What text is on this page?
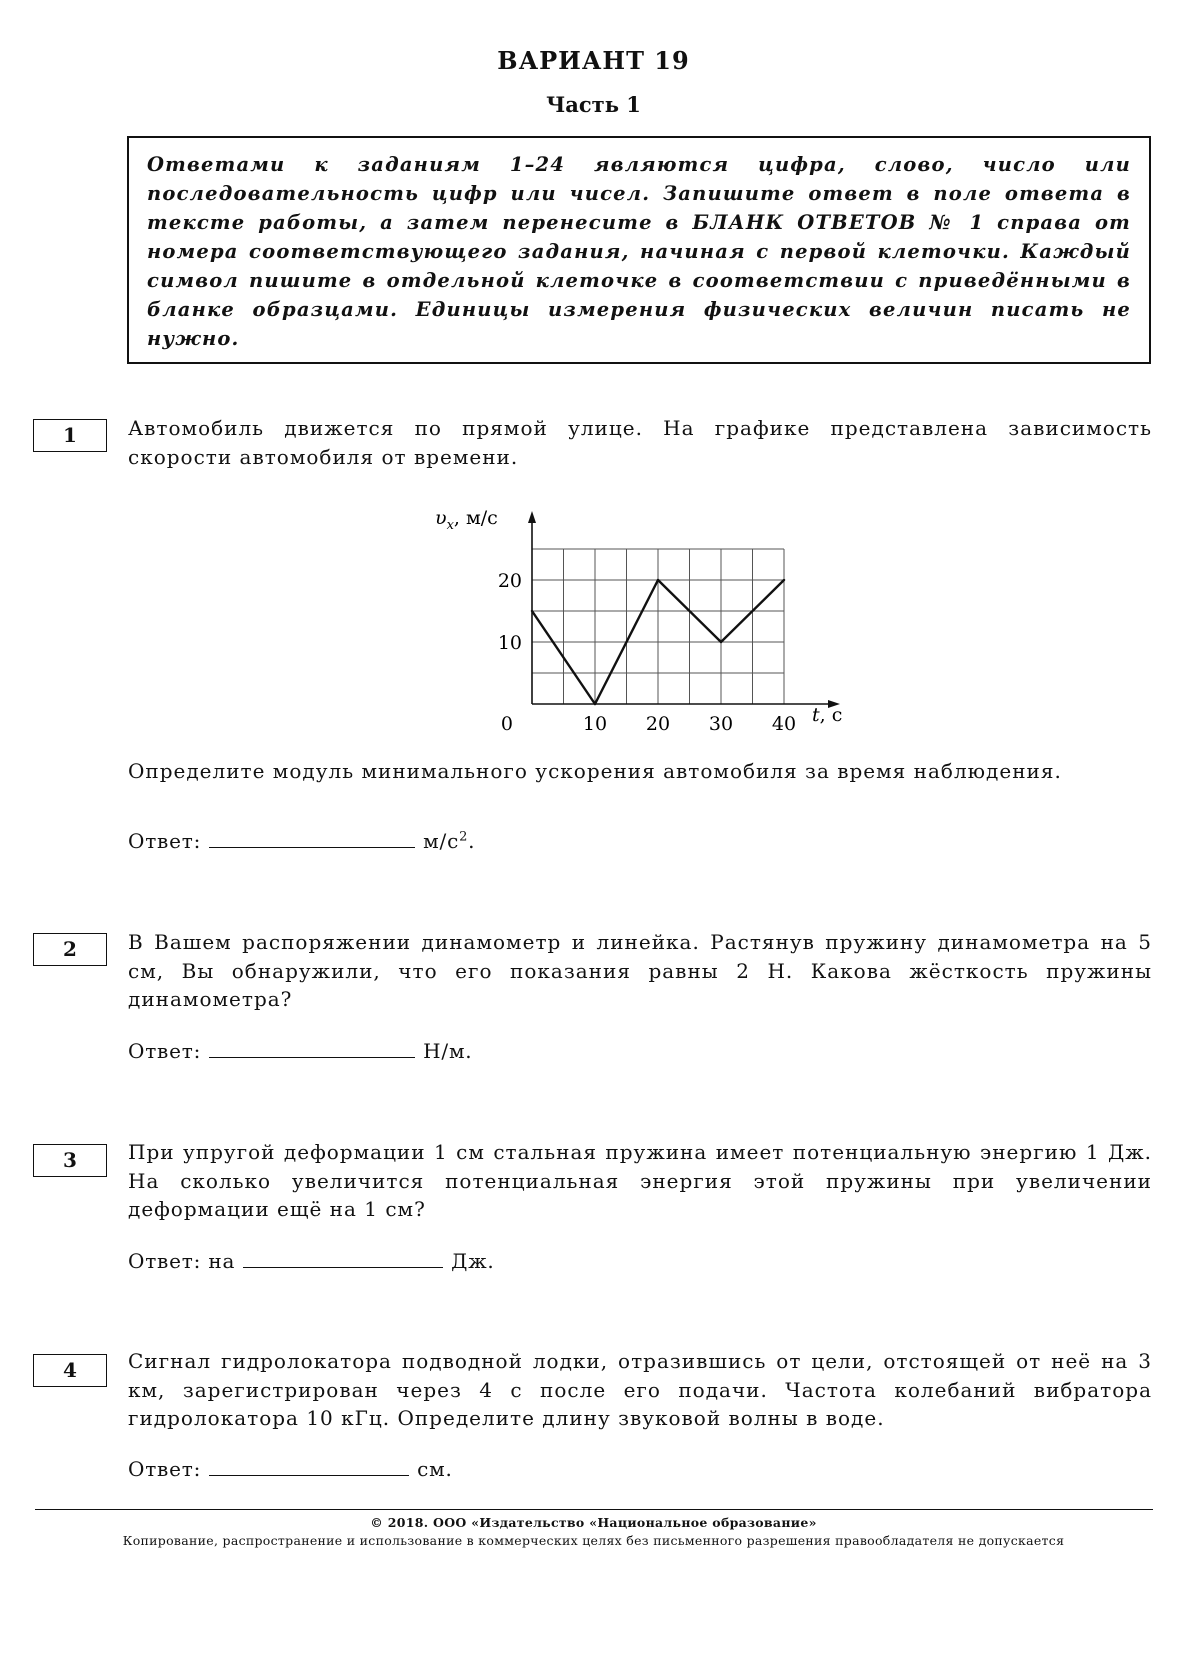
ВАРИАНТ 19
Часть 1
Ответами к заданиям 1–24 являются цифра, слово, число или последовательность цифр или чисел. Запишите ответ в поле ответа в тексте работы, а затем перенесите в БЛАНК ОТВЕТОВ № 1 справа от номера соответствующего задания, начиная с первой клеточки. Каждый символ пишите в отдельной клеточке в соответствии с приведёнными в бланке образцами. Единицы измерения физических величин писать не нужно.
1	Автомобиль движется по прямой улице. На графике представлена зависимость скорости автомобиля от времени.
10 20 30 40
10
20
$\upsilon_x$, м/с
t, с
0
Определите модуль минимального ускорения автомобиля за время наблюдения.
Ответ:	$м/с^2$.
2	В Вашем распоряжении динамометр и линейка. Растянув пружину динамометра на 5 см, Вы обнаружили, что его показания равны 2 Н. Какова жёсткость пружины динамометра?
Ответ:	Н/м.
3	При упругой деформации 1 см стальная пружина имеет потенциальную энергию 1 Дж. На сколько увеличится потенциальная энергия этой пружины при увеличении деформации ещё на 1 см?
Ответ: на	Дж.
4	Сигнал гидролокатора подводной лодки, отразившись от цели, отстоящей от неё на 3 км, зарегистрирован через 4 с после его подачи. Частота колебаний вибратора гидролокатора 10 кГц. Определите длину звуковой волны в воде.
Ответ:	см.
© 2018. ООО «Издательство «Национальное образование»
Копирование, распространение и использование в коммерческих целях без письменного разрешения правообладателя не допускается
